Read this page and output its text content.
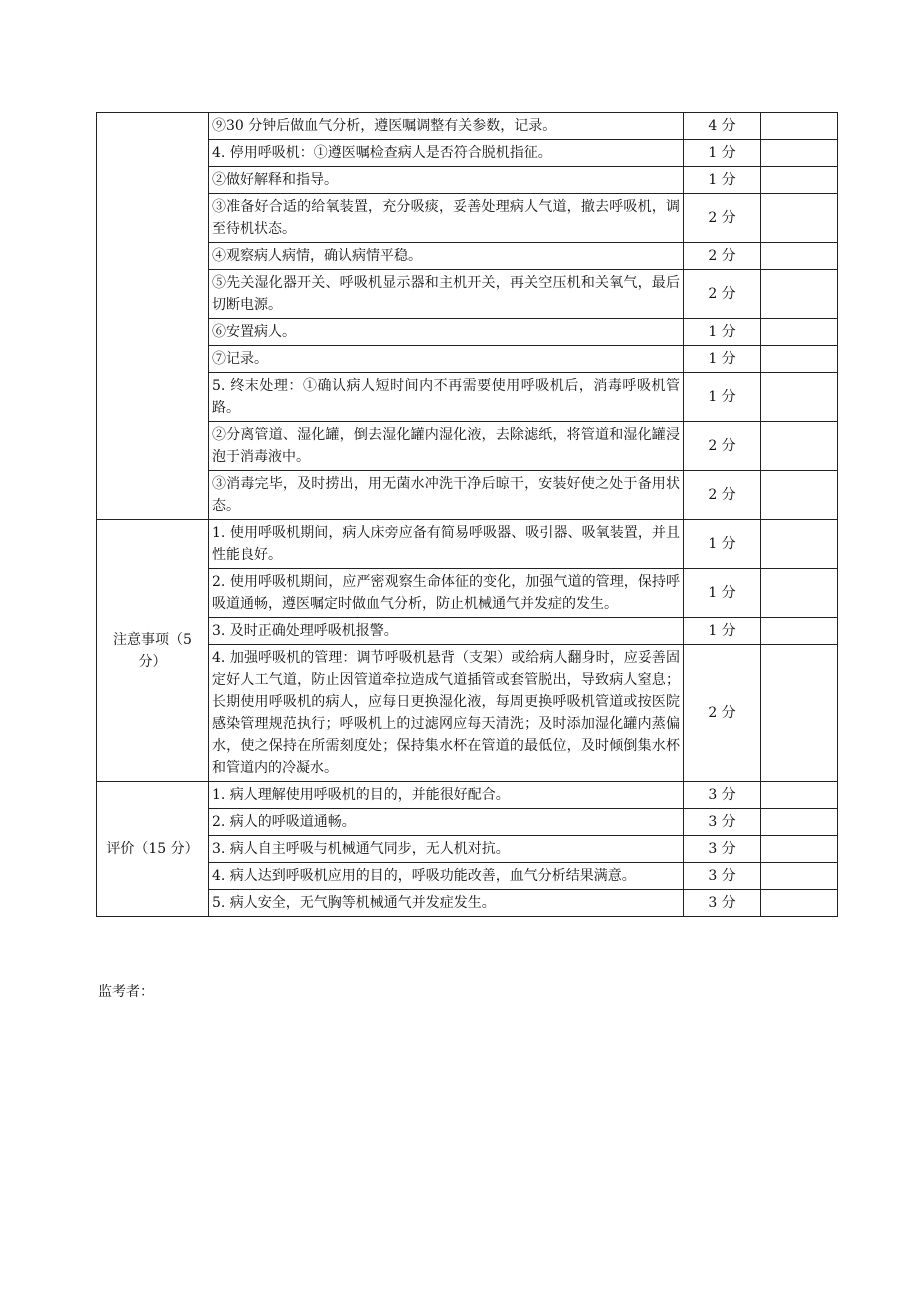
	⑨30 分钟后做血气分析，遵医嘱调整有关参数，记录。	4 分	
	4. 停用呼吸机：①遵医嘱检查病人是否符合脱机指征。	1 分	
	②做好解释和指导。	1 分	
	③准备好合适的给氧装置，充分吸痰，妥善处理病人气道，撤去呼吸机，调至待机状态。	2 分	
	④观察病人病情，确认病情平稳。	2 分	
	⑤先关湿化器开关、呼吸机显示器和主机开关，再关空压机和关氧气，最后切断电源。	2 分	
	⑥安置病人。	1 分	
	⑦记录。	1 分	
	5. 终末处理：①确认病人短时间内不再需要使用呼吸机后，消毒呼吸机管路。	1 分	
	②分离管道、湿化罐，倒去湿化罐内湿化液，去除滤纸，将管道和湿化罐浸泡于消毒液中。	2 分	
	③消毒完毕，及时捞出，用无菌水冲洗干净后晾干，安装好使之处于备用状态。	2 分	
注意事项（5 分）	1. 使用呼吸机期间，病人床旁应备有简易呼吸器、吸引器、吸氧装置，并且性能良好。	1 分	
	2. 使用呼吸机期间，应严密观察生命体征的变化，加强气道的管理，保持呼吸道通畅，遵医嘱定时做血气分析，防止机械通气并发症的发生。	1 分	
	3. 及时正确处理呼吸机报警。	1 分	
	4. 加强呼吸机的管理：调节呼吸机悬背（支架）或给病人翻身时，应妥善固定好人工气道，防止因管道牵拉造成气道插管或套管脱出，导致病人窒息；长期使用呼吸机的病人，应每日更换湿化液，每周更换呼吸机管道或按医院感染管理规范执行；呼吸机上的过滤网应每天清洗；及时添加湿化罐内蒸偏水，使之保持在所需刻度处；保持集水杯在管道的最低位，及时倾倒集水杯和管道内的冷凝水。	2 分	
评价（15 分）	1. 病人理解使用呼吸机的目的，并能很好配合。	3 分	
	2. 病人的呼吸道通畅。	3 分	
	3. 病人自主呼吸与机械通气同步，无人机对抗。	3 分	
	4. 病人达到呼吸机应用的目的，呼吸功能改善，血气分析结果满意。	3 分	
	5. 病人安全，无气胸等机械通气并发症发生。	3 分	
监考者：
